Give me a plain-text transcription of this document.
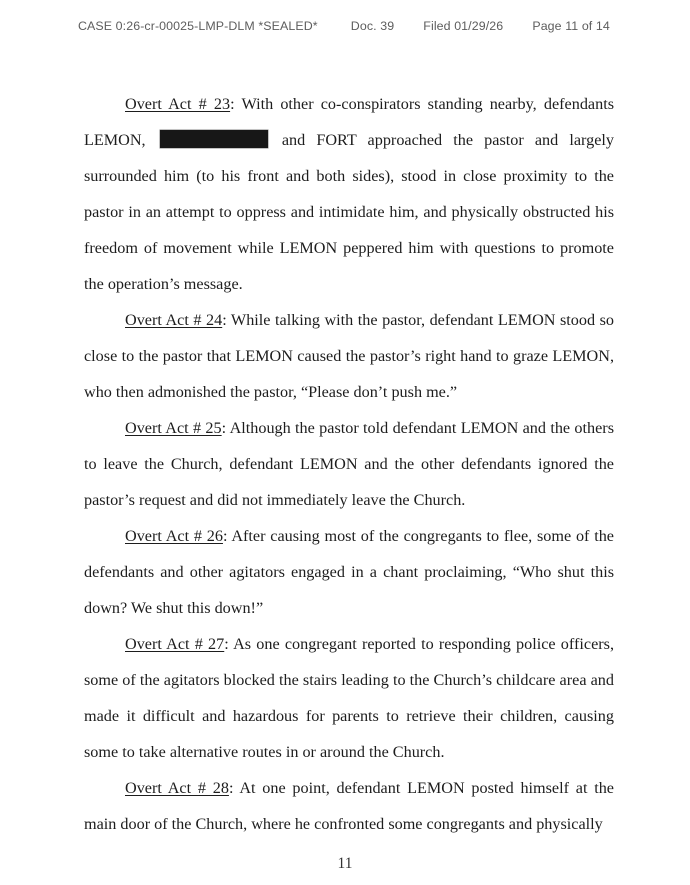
CASE 0:26-cr-00025-LMP-DLM *SEALED*	Doc. 39 Filed 01/29/26 Page 11 of 14

Overt Act # 23: With other co-conspirators standing nearby, defendants LEMON,	and FORT approached the pastor and largely surrounded him (to his front and both sides), stood in close proximity to the pastor in an attempt to oppress and intimidate him, and physically obstructed his freedom of movement while LEMON peppered him with questions to promote the operation’s message.

Overt Act # 24: While talking with the pastor, defendant LEMON stood so close to the pastor that LEMON caused the pastor’s right hand to graze LEMON, who then admonished the pastor, “Please don’t push me.”

Overt Act # 25: Although the pastor told defendant LEMON and the others to leave the Church, defendant LEMON and the other defendants ignored the pastor’s request and did not immediately leave the Church.

Overt Act # 26: After causing most of the congregants to flee, some of the defendants and other agitators engaged in a chant proclaiming, “Who shut this down? We shut this down!”

Overt Act # 27: As one congregant reported to responding police officers, some of the agitators blocked the stairs leading to the Church’s childcare area and made it difficult and hazardous for parents to retrieve their children, causing some to take alternative routes in or around the Church.

Overt Act # 28: At one point, defendant LEMON posted himself at the main door of the Church, where he confronted some congregants and physically

11
